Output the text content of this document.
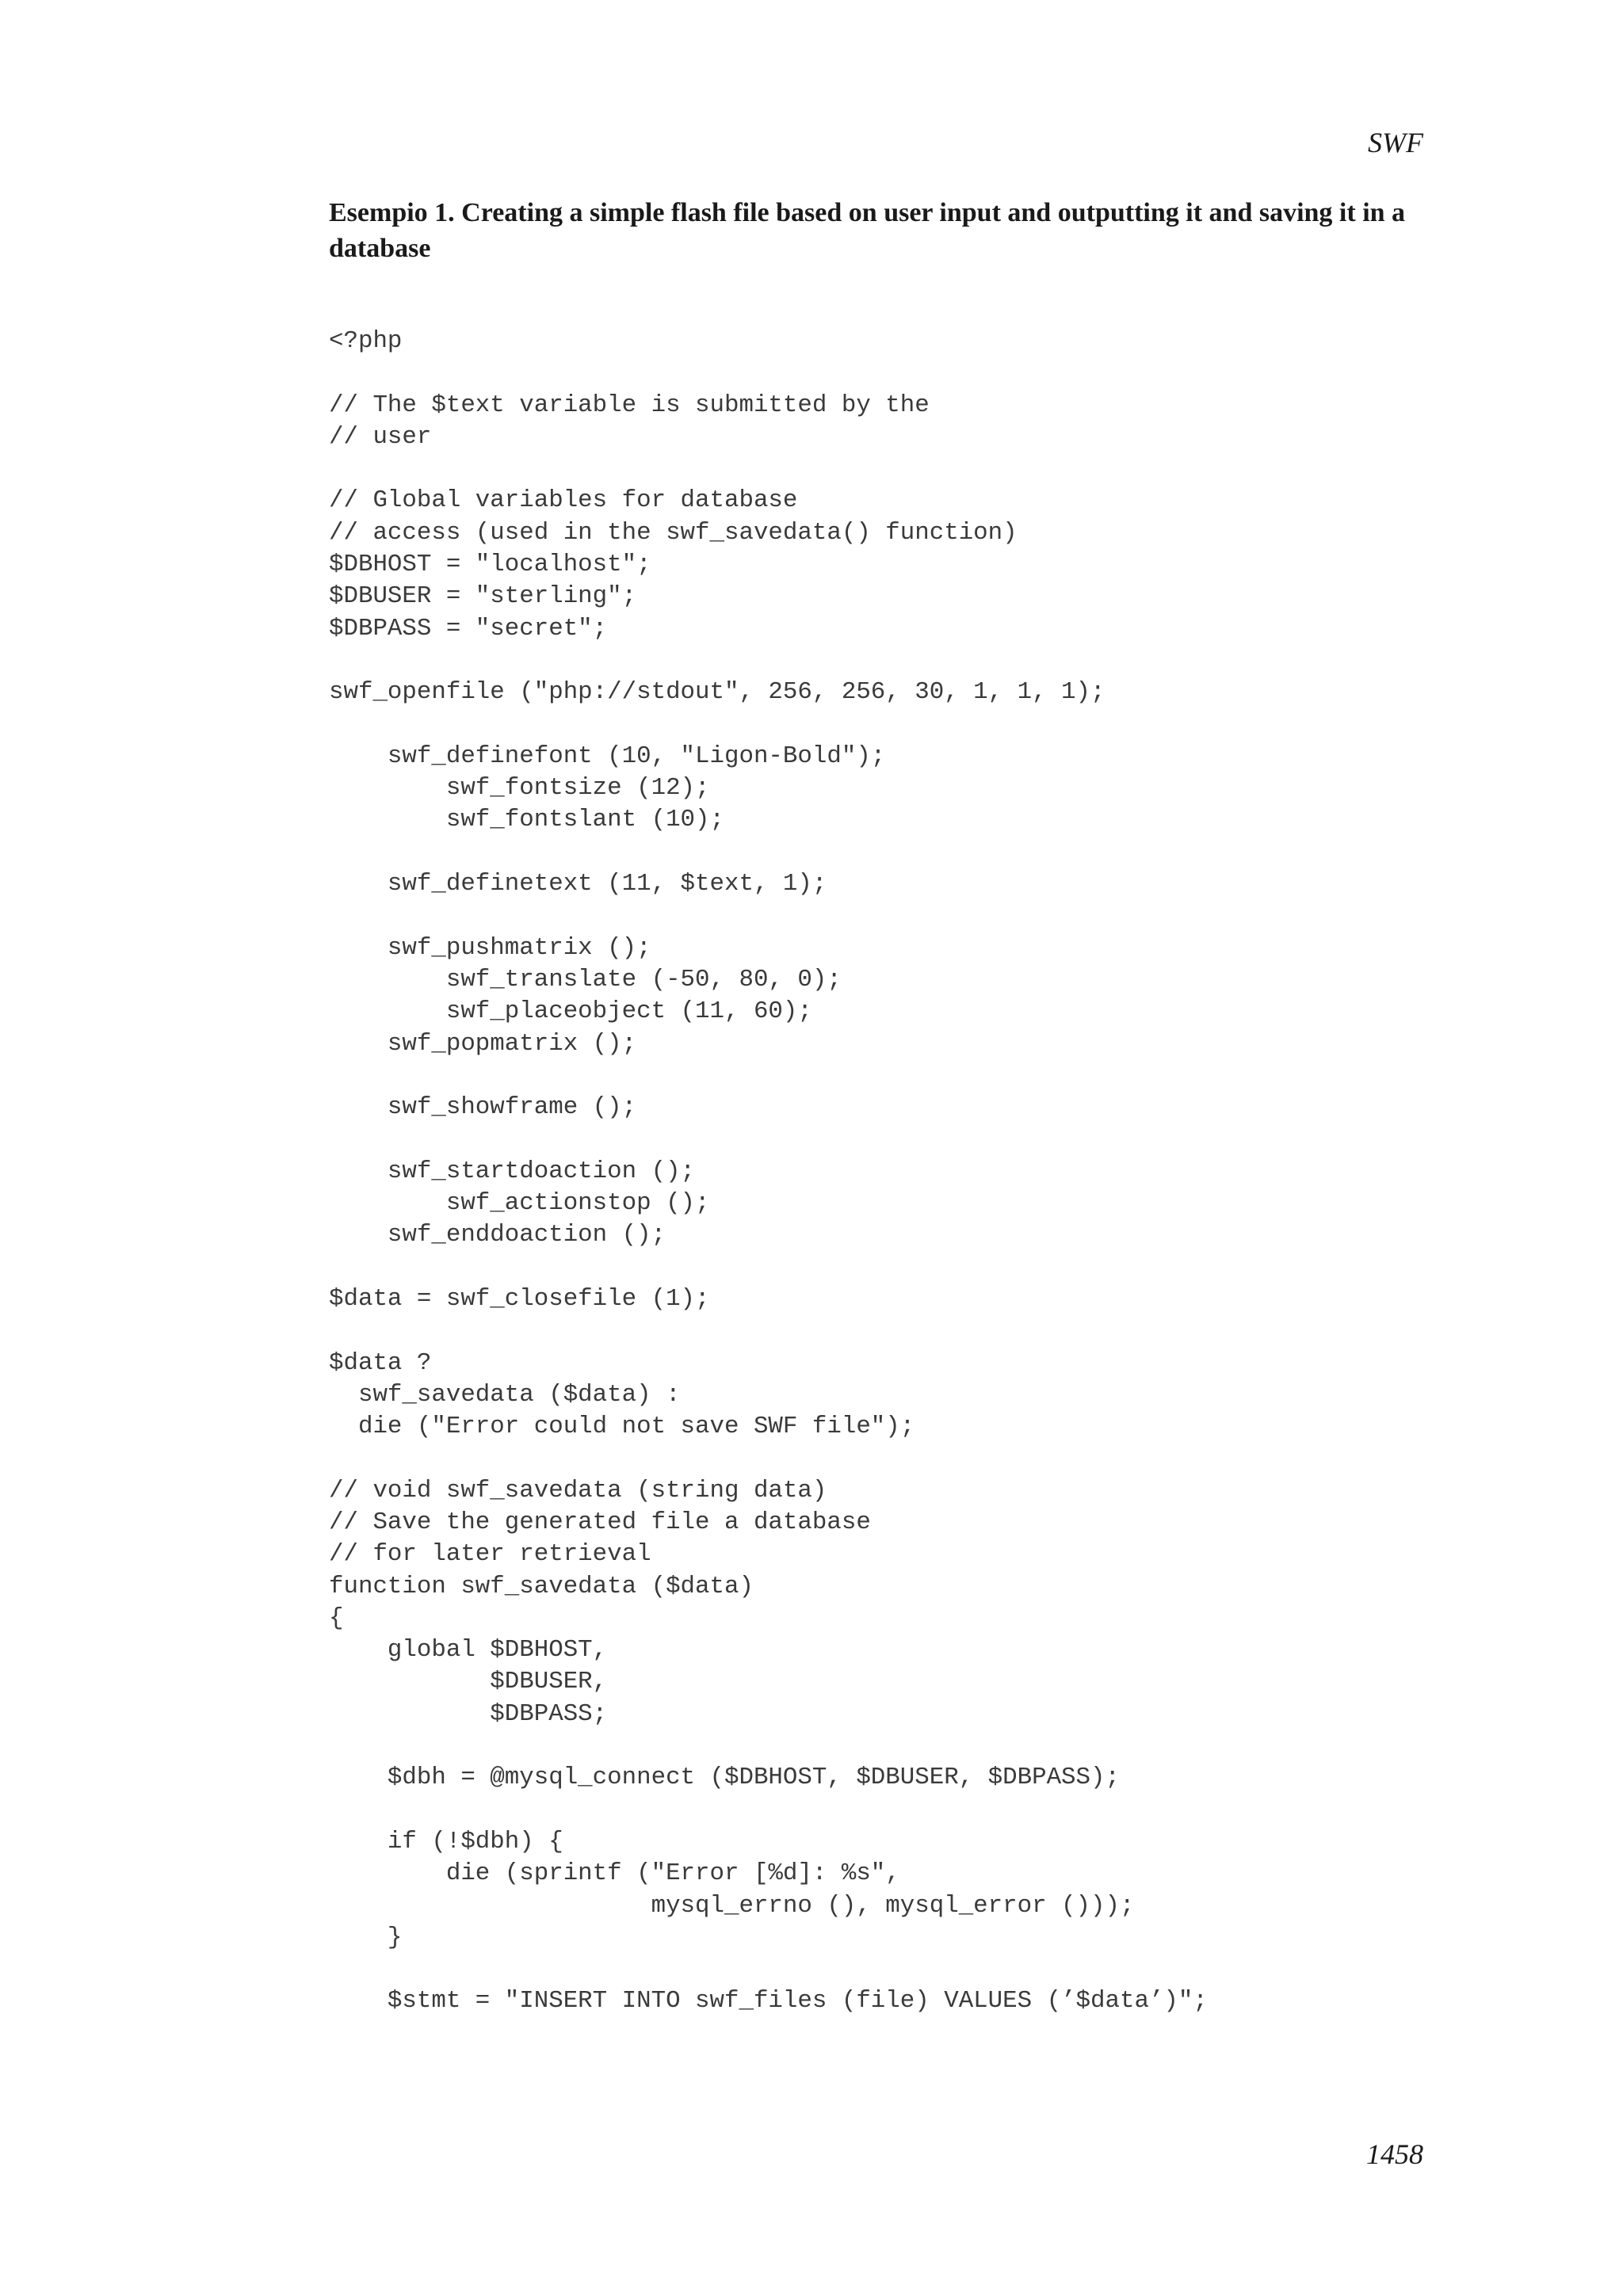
SWF
Esempio 1. Creating a simple flash file based on user input and outputting it and saving it in a database
<?php
// The $text variable is submitted by the
// user
// Global variables for database
// access (used in the swf_savedata() function)
$DBHOST = "localhost";
$DBUSER = "sterling";
$DBPASS = "secret";
swf_openfile ("php://stdout", 256, 256, 30, 1, 1, 1);
swf_definefont (10, "Ligon-Bold");
swf_fontsize (12);
swf_fontslant (10);
swf_definetext (11, $text, 1);
swf_pushmatrix ();
swf_translate (-50, 80, 0);
swf_placeobject (11, 60);
swf_popmatrix ();
swf_showframe ();
swf_startdoaction ();
swf_actionstop ();
swf_enddoaction ();
$data = swf_closefile (1);
$data ?
swf_savedata ($data) :
die ("Error could not save SWF file");
// void swf_savedata (string data)
// Save the generated file a database
// for later retrieval
function swf_savedata ($data)
{
global $DBHOST,
$DBUSER,
$DBPASS;
$dbh = @mysql_connect ($DBHOST, $DBUSER, $DBPASS);
if (!$dbh) {
die (sprintf ("Error [%d]: %s",
mysql_errno (), mysql_error ()));
}
$stmt = "INSERT INTO swf_files (file) VALUES (’$data’)";
1458
